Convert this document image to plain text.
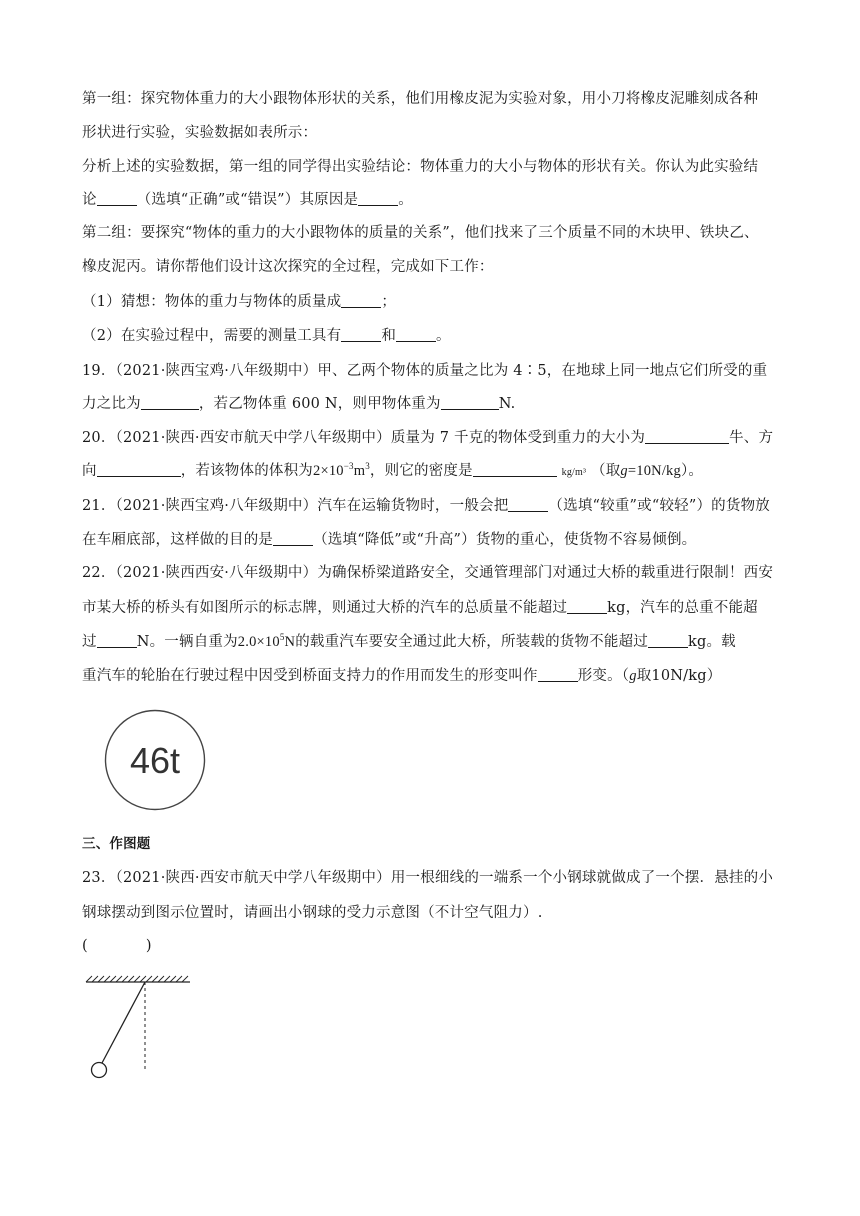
第一组：探究物体重力的大小跟物体形状的关系，他们用橡皮泥为实验对象，用小刀将橡皮泥雕刻成各种
形状进行实验，实验数据如表所示：
分析上述的实验数据，第一组的同学得出实验结论：物体重力的大小与物体的形状有关。你认为此实验结
论	（选填“正确”或“错误”）其原因是	。
第二组：要探究“物体的重力的大小跟物体的质量的关系”，他们找来了三个质量不同的木块甲、铁块乙、
橡皮泥丙。请你帮他们设计这次探究的全过程，完成如下工作：
（1）猜想：物体的重力与物体的质量成	；
（2）在实验过程中，需要的测量工具有	和	。
19．（2021·陕西宝鸡·八年级期中）甲、乙两个物体的质量之比为 4∶5，在地球上同一地点它们所受的重
力之比为	，若乙物体重 600 N，则甲物体重为	N.
20．（2021·陕西·西安市航天中学八年级期中）质量为 7 千克的物体受到重力的大小为	牛、方
向	，若该物体的体积为$2\times 10^{-3}m^3$，则它的密度是	kg/m³ （取g=10N/kg）。
21．（2021·陕西宝鸡·八年级期中）汽车在运输货物时，一般会把	（选填“较重”或“较轻”）的货物放
在车厢底部，这样做的目的是	（选填“降低”或“升高”）货物的重心，使货物不容易倾倒。
22．（2021·陕西西安·八年级期中）为确保桥梁道路安全，交通管理部门对通过大桥的载重进行限制！西安
市某大桥的桥头有如图所示的标志牌，则通过大桥的汽车的总质量不能超过	kg，汽车的总重不能超
过	N。一辆自重为$2.0\times 10^5N$的载重汽车要安全通过此大桥，所装载的货物不能超过	kg。载
重汽车的轮胎在行驶过程中因受到桥面支持力的作用而发生的形变叫作	形变。（g取10N/kg）
46t
三、作图题
23．（2021·陕西·西安市航天中学八年级期中）用一根细线的一端系一个小钢球就做成了一个摆．悬挂的小
钢球摆动到图示位置时，请画出小钢球的受力示意图（不计空气阻力）.
(	)
